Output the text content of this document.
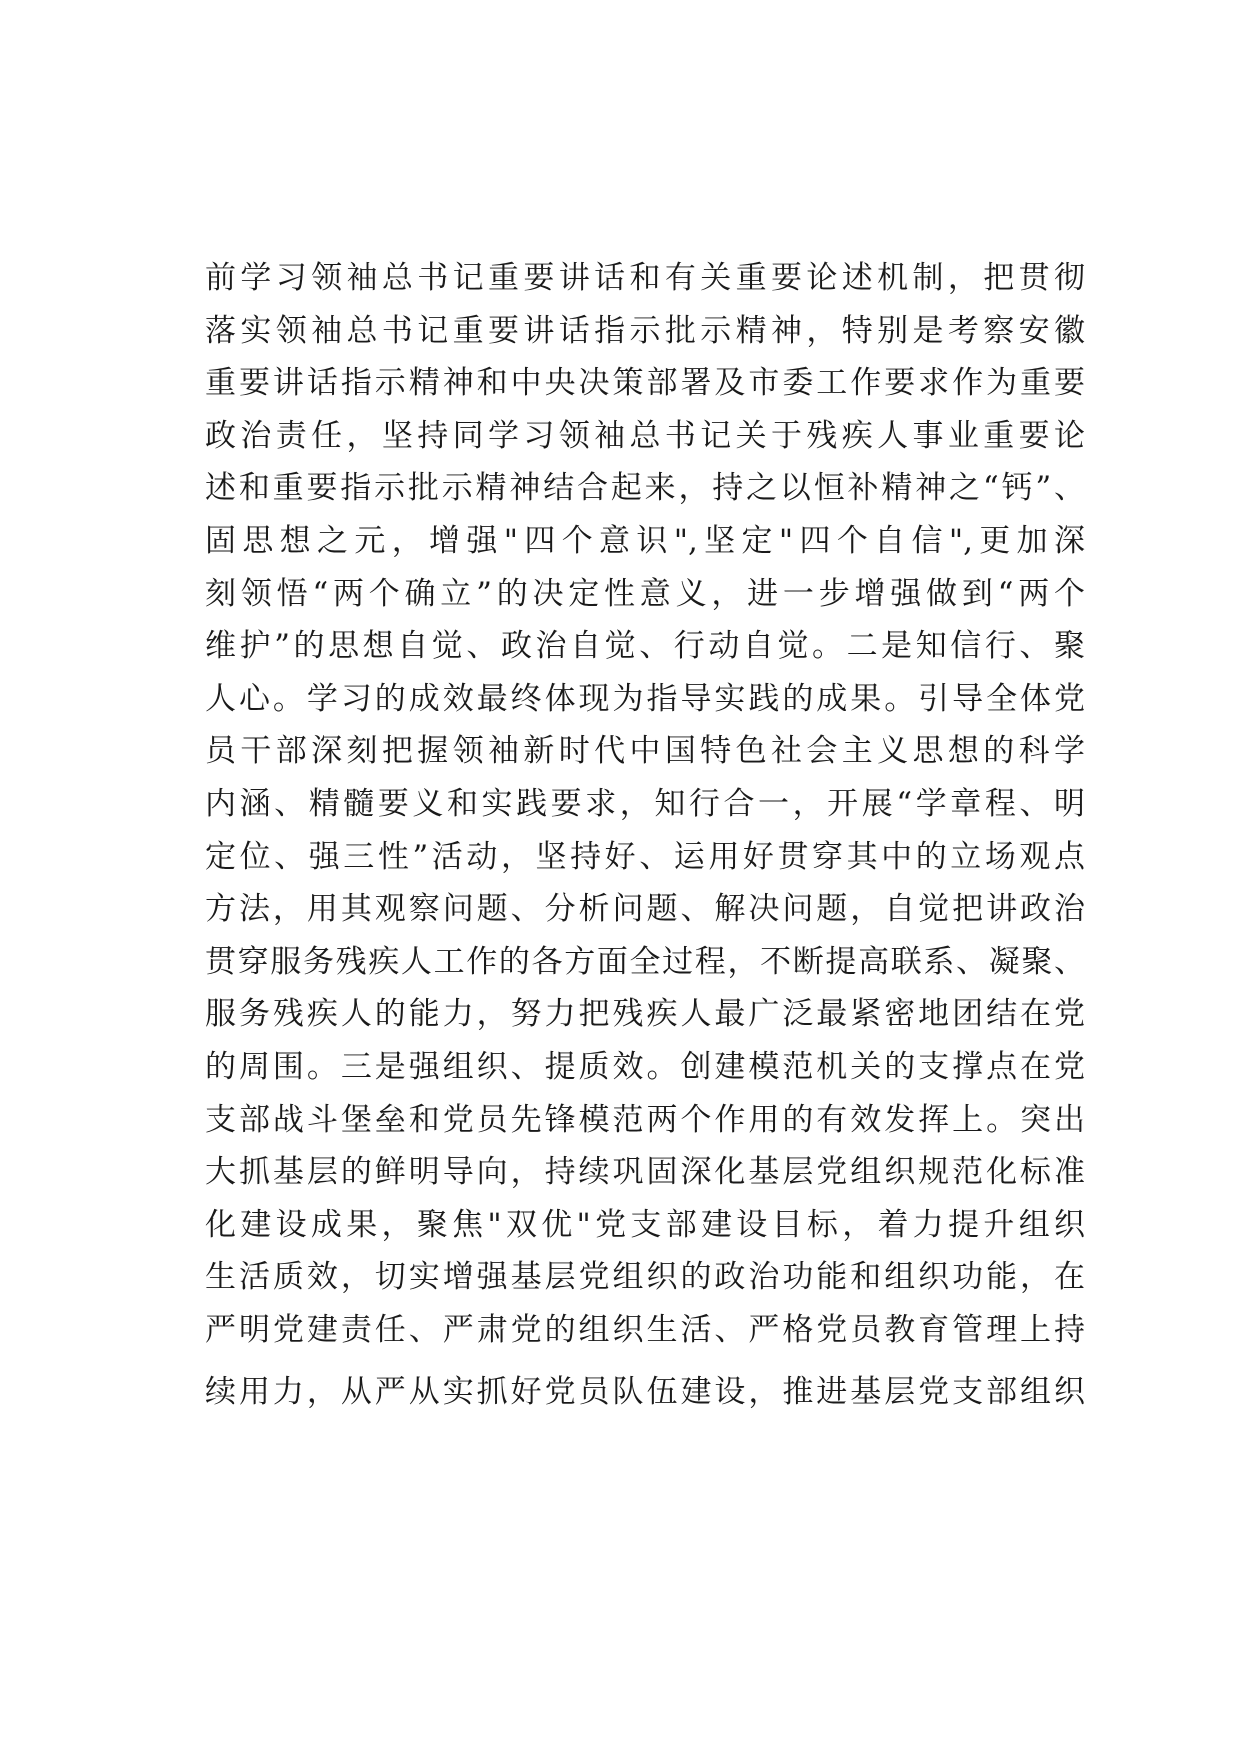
前学习领袖总书记重要讲话和有关重要论述机制，把贯彻
落实领袖总书记重要讲话指示批示精神，特别是考察安徽
重要讲话指示精神和中央决策部署及市委工作要求作为重要
政治责任，坚持同学习领袖总书记关于残疾人事业重要论
述和重要指示批示精神结合起来，持之以恒补精神之“钙”、
固思想之元，增强"四个意识",坚定"四个自信",更加深
刻领悟“两个确立”的决定性意义，进一步增强做到“两个
维护”的思想自觉、政治自觉、行动自觉。二是知信行、聚
人心。学习的成效最终体现为指导实践的成果。引导全体党
员干部深刻把握领袖新时代中国特色社会主义思想的科学
内涵、精髓要义和实践要求，知行合一，开展“学章程、明
定位、强三性”活动，坚持好、运用好贯穿其中的立场观点
方法，用其观察问题、分析问题、解决问题，自觉把讲政治
贯穿服务残疾人工作的各方面全过程，不断提高联系、凝聚、
服务残疾人的能力，努力把残疾人最广泛最紧密地团结在党
的周围。三是强组织、提质效。创建模范机关的支撑点在党
支部战斗堡垒和党员先锋模范两个作用的有效发挥上。突出
大抓基层的鲜明导向，持续巩固深化基层党组织规范化标准
化建设成果，聚焦"双优"党支部建设目标，着力提升组织
生活质效，切实增强基层党组织的政治功能和组织功能，在
严明党建责任、严肃党的组织生活、严格党员教育管理上持
续用力，从严从实抓好党员队伍建设，推进基层党支部组织
